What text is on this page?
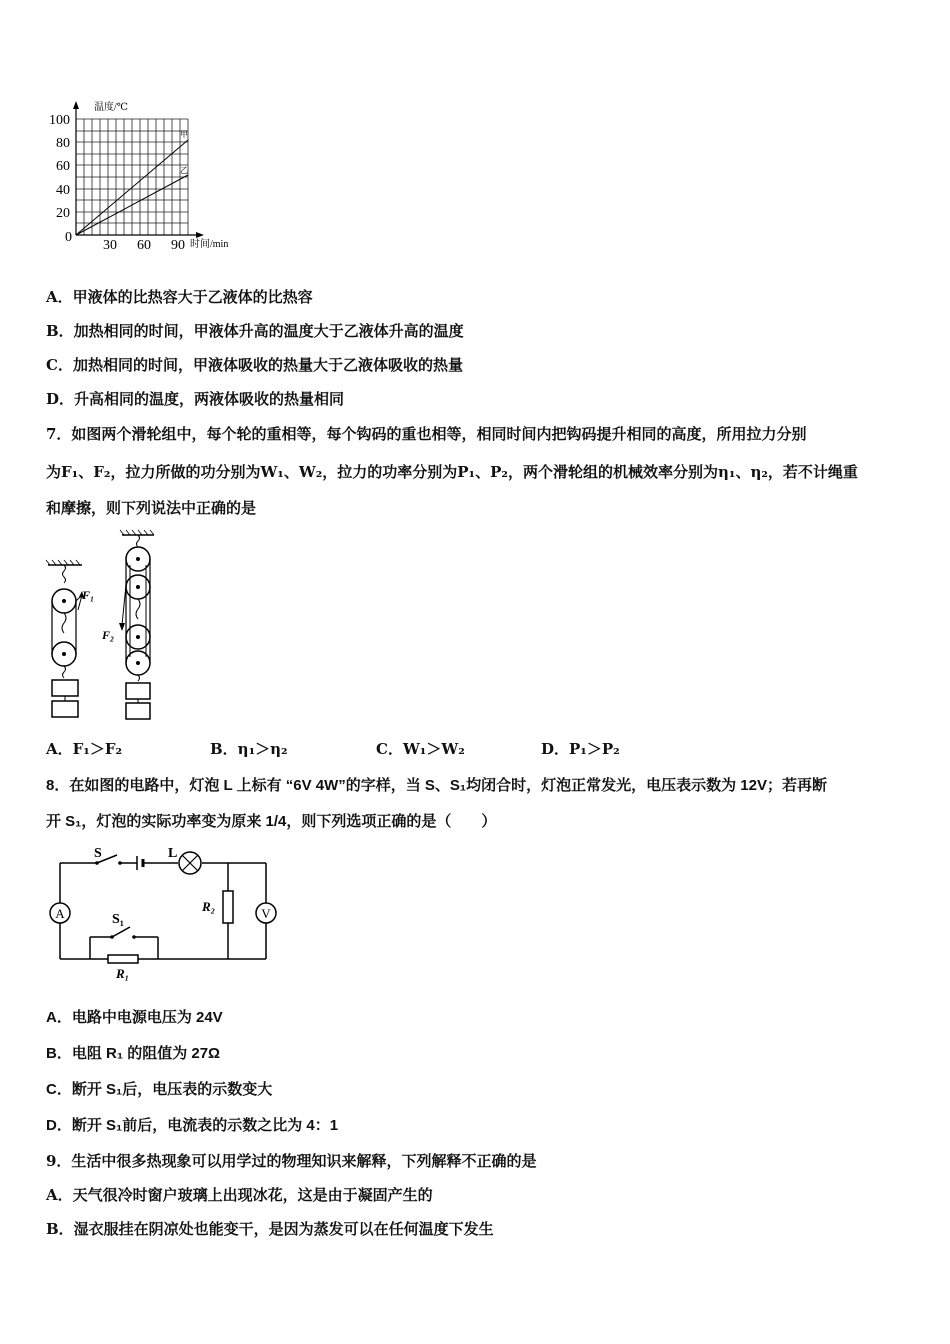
甲
乙
温度/℃
时间/min
100
80
60
40
20
0
30 60 90
A．甲液体的比热容大于乙液体的比热容
B．加热相同的时间，甲液体升高的温度大于乙液体升高的温度
C．加热相同的时间，甲液体吸收的热量大于乙液体吸收的热量
D．升高相同的温度，两液体吸收的热量相同
7．如图两个滑轮组中，每个轮的重相等，每个钩码的重也相等，相同时间内把钩码提升相同的高度，所用拉力分别
为F₁、F₂，拉力所做的功分别为W₁、W₂，拉力的功率分别为P₁、P₂，两个滑轮组的机械效率分别为η₁、η₂，若不计绳重
和摩擦，则下列说法中正确的是
F₁
F₂
A．F₁＞F₂	B．η₁＞η₂	C．W₁＞W₂	D．P₁＞P₂
8．在如图的电路中，灯泡 L 上标有 “6V 4W”的字样，当 S、S₁均闭合时，灯泡正常发光，电压表示数为 12V；若再断
开 S₁，灯泡的实际功率变为原来 1/4，则下列选项正确的是（　　）
A	V
S	L
S₁
R₁
R₂
A．电路中电源电压为 24V
B．电阻 R₁ 的阻值为 27Ω
C．断开 S₁后，电压表的示数变大
D．断开 S₁前后，电流表的示数之比为 4：1
9．生活中很多热现象可以用学过的物理知识来解释，下列解释不正确的是
A．天气很冷时窗户玻璃上出现冰花，这是由于凝固产生的
B．湿衣服挂在阴凉处也能变干，是因为蒸发可以在任何温度下发生
